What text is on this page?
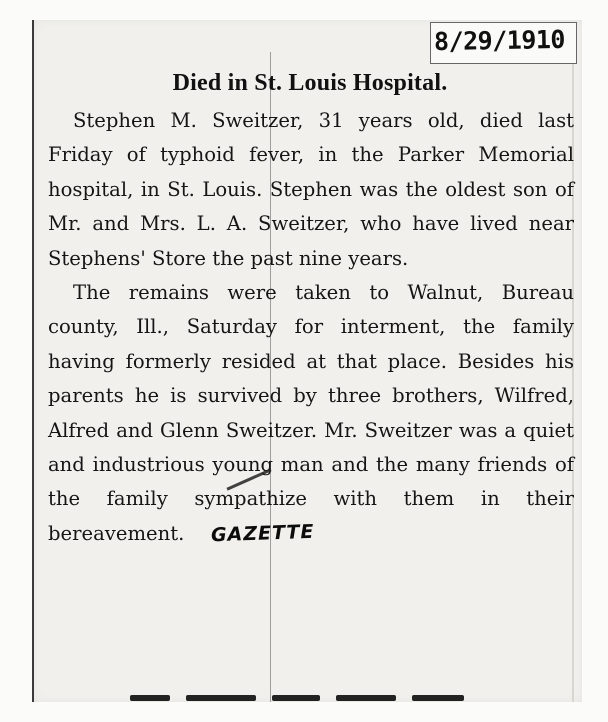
8/29/1910
Died in St. Louis Hospital.

Stephen M. Sweitzer, 31 years old, died last Friday of typhoid fever, in the Parker Memorial hospital, in St. Louis. Stephen was the oldest son of Mr. and Mrs. L. A. Sweitzer, who have lived near Stephens' Store the past nine years.

The remains were taken to Walnut, Bureau county, Ill., Saturday for interment, the family having formerly resided at that place. Besides his parents he is survived by three brothers, Wilfred, Alfred and Glenn Sweitzer. Mr. Sweitzer was a quiet and industrious young man and the many friends of the family sympathize with them in their bereavement. GAZETTE
